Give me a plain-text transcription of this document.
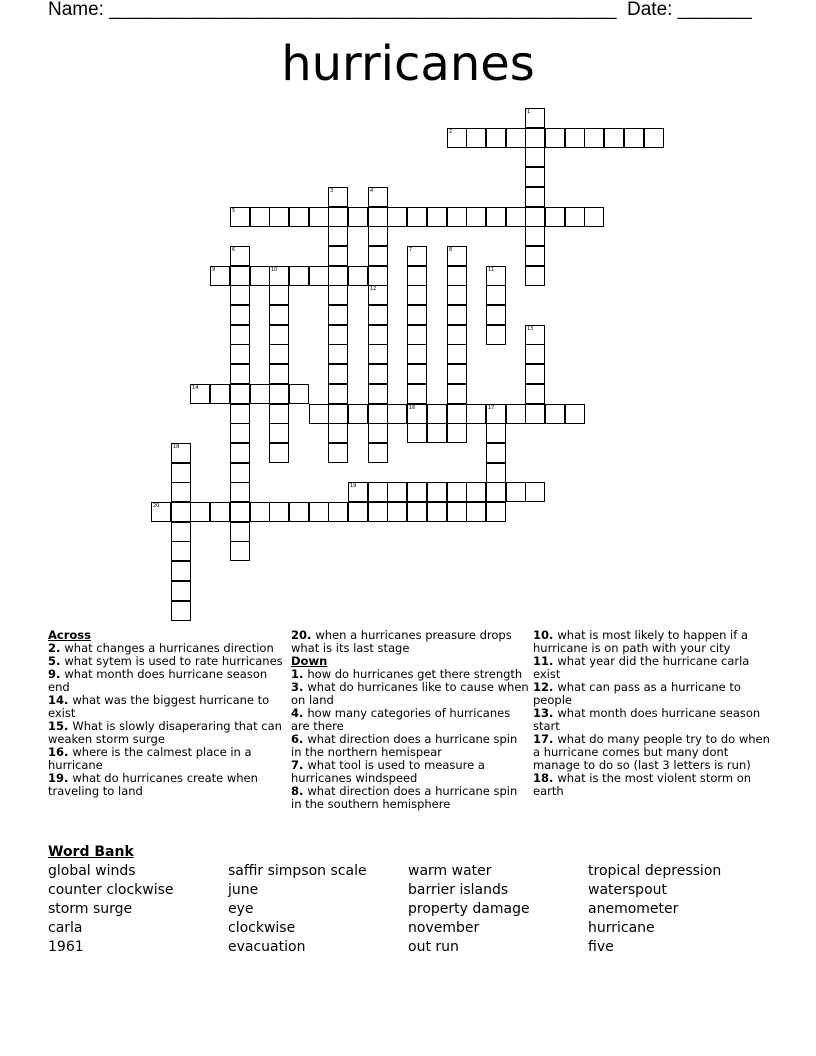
Name: ________________________________________________ Date: _______
hurricanes
2
5
9	10
14
16	17
19
20
1
3	4
12
6	7	8
11
13
18
Across
2. what changes a hurricanes direction
5. what sytem is used to rate hurricanes
9. what month does hurricane season end
14. what was the biggest hurricane to exist
15. What is slowly disaperaring that can weaken storm surge
16. where is the calmest place in a hurricane
19. what do hurricanes create when traveling to land
20. when a hurricanes preasure drops what is its last stage
Down
1. how do hurricanes get there strength
3. what do hurricanes like to cause when on land
4. how many categories of hurricanes are there
6. what direction does a hurricane spin in the northern hemispear
7. what tool is used to measure a hurricanes windspeed
8. what direction does a hurricane spin in the southern hemisphere
10. what is most likely to happen if a hurricane is on path with your city
11. what year did the hurricane carla exist
12. what can pass as a hurricane to people
13. what month does hurricane season start
17. what do many people try to do when a hurricane comes but many dont manage to do so (last 3 letters is run)
18. what is the most violent storm on earth
Word Bank
global winds
counter clockwise
storm surge
carla
1961
saffir simpson scale
june
eye
clockwise
evacuation
warm water
barrier islands
property damage
november
out run
tropical depression
waterspout
anemometer
hurricane
five
